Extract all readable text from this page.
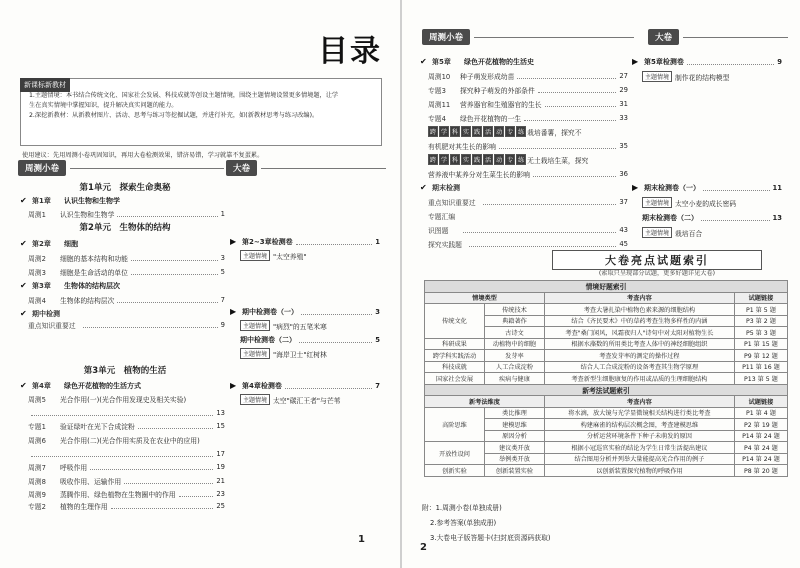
目录
新课标新教材
1.主题情境：本书结合传统文化、国家社会发展、科技成就等创设主题情境，围绕主题情境设置更多情境题，让学
生在真实情境中掌握知识，提升解决真实问题的能力。
2.深挖新教材：从新教材图片、活动、思考与练习等挖掘试题，并进行补充，如(新教材思考与练习改编)。
使用建议：先用周测小卷巩固知识，再用大卷检测效果，错济易错，学习就靠不复蛋累。
周测小卷	大卷
第1单元　探索生命奥秘
第2单元　生物体的结构
第3单元　植物的生活
✔ 第1章	认识生物和生物学
周测1	认识生物和生物学	1
✔ 第2章	细胞
周测2	细胞的基本结构和功能	3
周测3	细胞是生命活动的单位	5
✔ 第3章	生物体的结构层次
周测4	生物体的结构层次	7
✔ 期中检测
重点知识重要过	9
✔ 第4章	绿色开花植物的生活方式
周测5	光合作用(一)(光合作用发现史及相关实验)
13
专题1	验证绿叶在光下合成淀粉	15
周测6	光合作用(二)(光合作用实质及在农业中的应用)
17
周测7	呼吸作用	19
周测8	吸收作用、运输作用	21
周测9	蒸腾作用、绿色植物在生物圈中的作用	23
专题2	植物的生理作用	25
▶ 第2~3章检测卷	1
主题情境 "太空养殖"
▶ 期中检测卷（一）	3
主题情境 "病烈"的五笔米寒
期中检测卷（二）	5
主题情境 "海岸卫士"红树林
▶ 第4章检测卷	7
主题情境 太空"碳汇王者"与芒苇
1
周测小卷	大卷
✔ 第5章	绿色开花植物的生活史
周测10	种子萌发形成幼苗	27
专题3	探究种子萌发的外部条件	29
周测11	营养器官和生殖器官的生长	31
专题4	绿色开花植物的一生	33
跨 学 科 实 践 活 动 专 练 栽培番薯，探究不
有机肥对其生长的影响	35
跨 学 科 实 践 活 动 专 练 无土栽培生菜，探究
营养液中某养分对生菜生长的影响	36
✔ 期末检测
重点知识重要过	37
专题汇编
识图题	43
探究实践题	45
▶ 第5章检测卷	9
主题情境 制作花的结构模型
▶ 期末检测卷（一）	11
主题情境 太空小麦的成长密码
期末检测卷（二）	13
主题情境 栽培百合
大卷亮点试题索引
(索取只呈现部分试题，更多好题详见大卷)
2
附：1.周测小卷(单独成册)
2.参考答案(单独成册)
3.大卷电子版答题卡(扫封底资源码获取)
情境好题索引			
情境类型		考查内容	试题链接
传统文化	传统技术	考查大暑扎染中植物色素来源的细胞结构	P1 第 5 题
	典籍著作	结合《齐民要术》中的草药考查生物多样性的内涵	P3 第 2 题
	古诗文	考查"桑门闲风，风霜夜归人"诗句中对太阳对植物生长	P5 第 3 题
科研成果	动植物中的细胞	根据水藻数的所用类比考查人体中的神经细胞组织	P1 第 15 题
跨学科实践活动	发芽率	考查发芽率的测定的操作过程	P9 第 12 题
科技成就	人工合成淀粉	结合人工合成淀粉的设备考查其生物学原理	P11 第 16 题
国家社会发展	疾病与健康	考查新型生细胞康复的作用或品质的生理细胞结构	P13 第 5 题
新考法试题索引			
新考法维度		考查内容	试题链接
高阶思维	类比推理	将水滴，放大镜与光学显微镜相关结构进行类比考查	P1 第 4 题
	建模思维	构建麻雀的结构层次概念图，考查建模思维	P2 第 19 题
	原因分析	分析运营环境条件下种子未萌发的原因	P14 第 24 题
开放性设问	建议类开放	根据小冠巡官实验的结论为学生日常生活提出建议	P4 第 24 题
	举例类开放	结合图用分析并列举大量能提高光合作用的例子	P14 第 24 题
创新实验	创新装置实验	以创新装置探究植物的呼吸作用	P8 第 20 题
